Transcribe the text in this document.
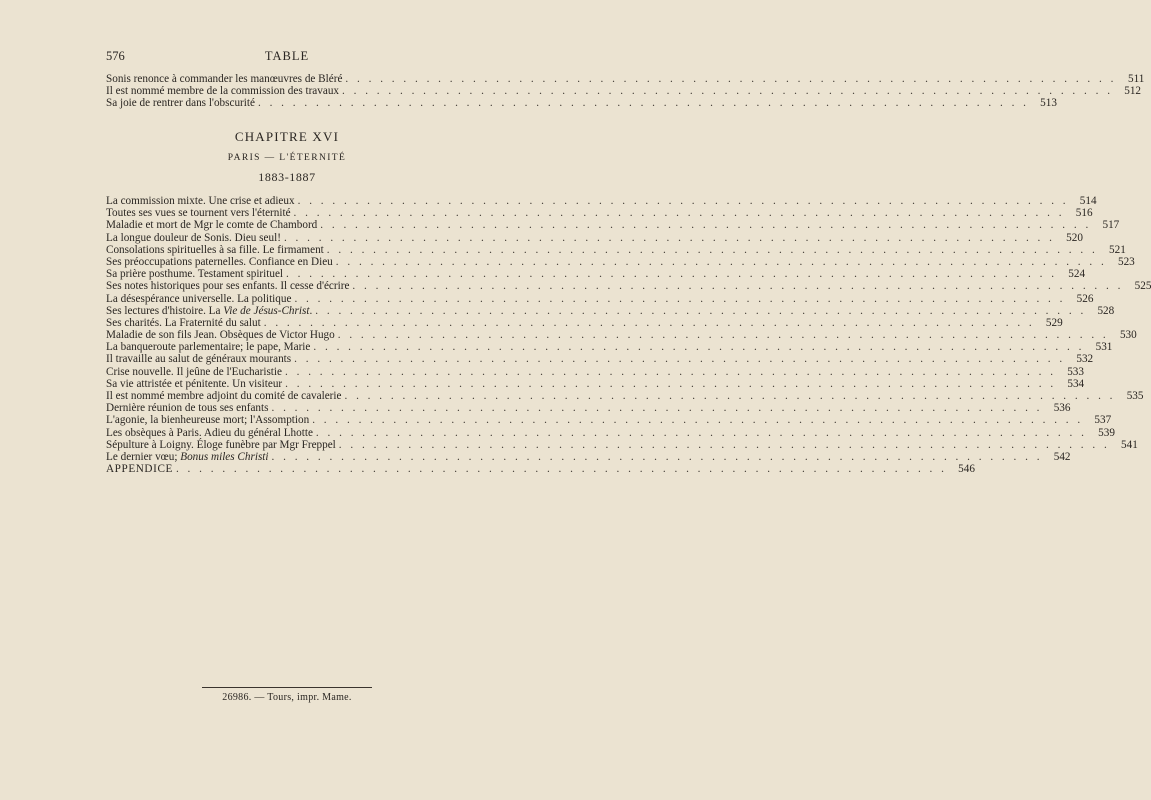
576	TABLE
Sonis renonce à commander les manœuvres de Bléré . . .	511
Il est nommé membre de la commission des travaux . . .	512
Sa joie de rentrer dans l'obscurité . . .	513
CHAPITRE XVI
PARIS — L'ÉTERNITÉ
1883-1887
La commission mixte. Une crise et adieux . . .	514
Toutes ses vues se tournent vers l'éternité . . .	516
Maladie et mort de Mgr le comte de Chambord . . .	517
La longue douleur de Sonis. Dieu seul! . . .	520
Consolations spirituelles à sa fille. Le firmament . . .	521
Ses préoccupations paternelles. Confiance en Dieu . . .	523
Sa prière posthume. Testament spirituel . . .	524
Ses notes historiques pour ses enfants. Il cesse d'écrire . . .	525
La désespérance universelle. La politique . . .	526
Ses lectures d'histoire. La Vie de Jésus-Christ. . . .	528
Ses charités. La Fraternité du salut . . .	529
Maladie de son fils Jean. Obsèques de Victor Hugo . . .	530
La banqueroute parlementaire; le pape, Marie . . .	531
Il travaille au salut de généraux mourants . . .	532
Crise nouvelle. Il jeûne de l'Eucharistie . . .	533
Sa vie attristée et pénitente. Un visiteur . . .	534
Il est nommé membre adjoint du comité de cavalerie . . .	535
Dernière réunion de tous ses enfants . . .	536
L'agonie, la bienheureuse mort; l'Assomption . . .	537
Les obsèques à Paris. Adieu du général Lhotte . . .	539
Sépulture à Loigny. Éloge funèbre par Mgr Freppel . . .	541
Le dernier vœu; Bonus miles Christi . . .	542
APPENDICE . . .	546
26986. — Tours, impr. Mame.
